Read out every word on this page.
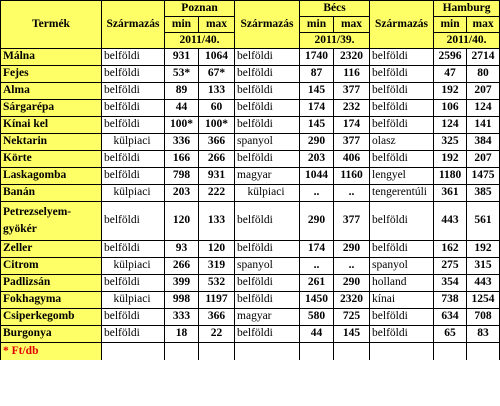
Termék	Származás	Poznan		Származás	Bécs		Származás	Hamburg	
		min	max		min	max		min	max
		2011/40.			2011/39.			2011/40.	
Málna	belföldi	931	1064	belföldi	1740	2320	belföldi	2596	2714
Fejes	belföldi	53*	67*	belföldi	87	116	belföldi	47	80
Alma	belföldi	89	133	belföldi	145	377	belföldi	192	207
Sárgarépa	belföldi	44	60	belföldi	174	232	belföldi	106	124
Kínai kel	belföldi	100*	100*	belföldi	145	174	belföldi	124	141
Nektarin	külpiaci	336	366	spanyol	290	377	olasz	325	384
Körte	belföldi	166	266	belföldi	203	406	belföldi	192	207
Laskagomba	belföldi	798	931	magyar	1044	1160	lengyel	1180	1475
Banán	külpiaci	203	222	külpiaci	..	..	tengerentúli	361	385
Petrezselyem-gyökér	belföldi	120	133	belföldi	290	377	belföldi	443	561
Zeller	belföldi	93	120	belföldi	174	290	belföldi	162	192
Citrom	külpiaci	266	319	spanyol	..	..	spanyol	275	315
Padlizsán	belföldi	399	532	belföldi	261	290	holland	354	443
Fokhagyma	külpiaci	998	1197	belföldi	1450	2320	kínai	738	1254
Csiperkegomb	belföldi	333	366	magyar	580	725	belföldi	634	708
Burgonya	belföldi	18	22	belföldi	44	145	belföldi	65	83
* Ft/db									
